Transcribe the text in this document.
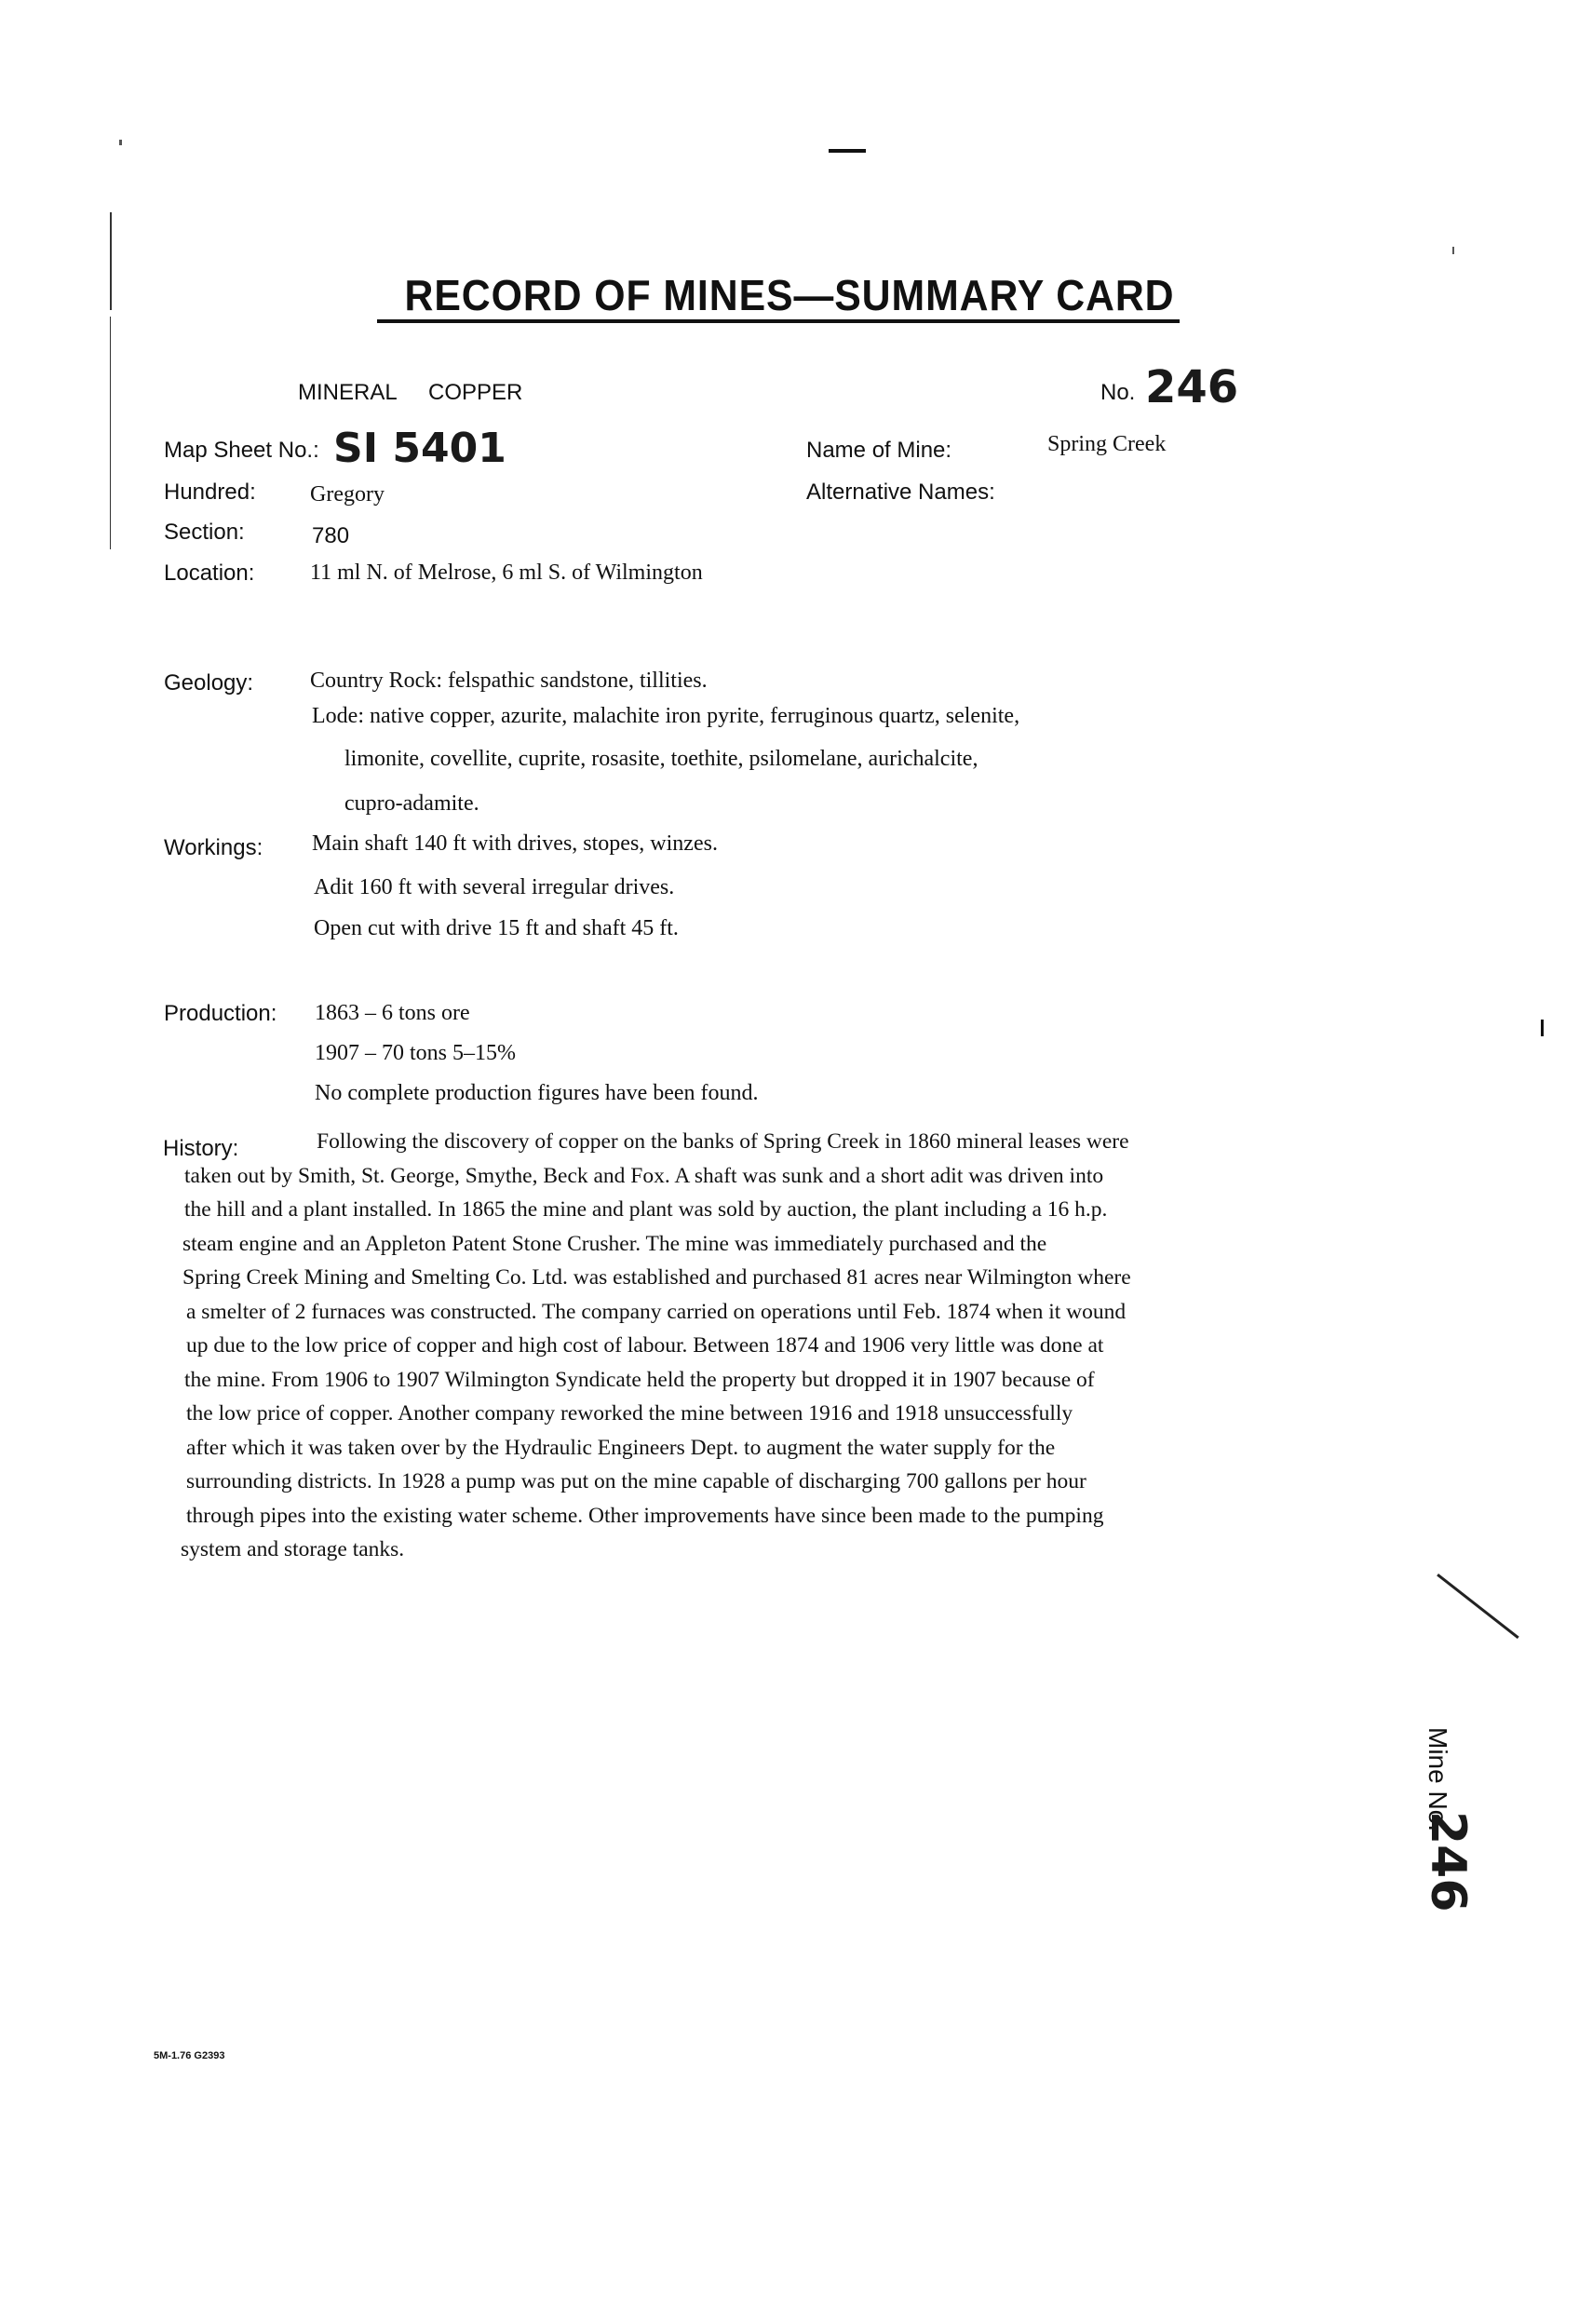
RECORD OF MINES—SUMMARY CARD
MINERAL COPPER	No. 246
Map Sheet No.: SI 5401	Name of Mine:	Spring Creek
Hundred: Gregory	Alternative Names:
Section:	780
Location: 11 ml N. of Melrose, 6 ml S. of Wilmington
Geology:	Country Rock: felspathic sandstone, tillities.
Lode: native copper, azurite, malachite iron pyrite, ferruginous quartz, selenite,
limonite, covellite, cuprite, rosasite, toethite, psilomelane, aurichalcite,
cupro-adamite.
Workings: Main shaft 140 ft with drives, stopes, winzes.
Adit 160 ft with several irregular drives.
Open cut with drive 15 ft and shaft 45 ft.
Production: 1863 – 6 tons ore
1907 – 70 tons 5–15%
No complete production figures have been found.
History:	Following the discovery of copper on the banks of Spring Creek in 1860 mineral leases were

taken out by Smith, St. George, Smythe, Beck and Fox. A shaft was sunk and a short adit was driven into

the hill and a plant installed. In 1865 the mine and plant was sold by auction, the plant including a 16 h.p.

steam engine and an Appleton Patent Stone Crusher. The mine was immediately purchased and the

Spring Creek Mining and Smelting Co. Ltd. was established and purchased 81 acres near Wilmington where

a smelter of 2 furnaces was constructed. The company carried on operations until Feb. 1874 when it wound

up due to the low price of copper and high cost of labour. Between 1874 and 1906 very little was done at

the mine. From 1906 to 1907 Wilmington Syndicate held the property but dropped it in 1907 because of

the low price of copper. Another company reworked the mine between 1916 and 1918 unsuccessfully

after which it was taken over by the Hydraulic Engineers Dept. to augment the water supply for the

surrounding districts. In 1928 a pump was put on the mine capable of discharging 700 gallons per hour

through pipes into the existing water scheme. Other improvements have since been made to the pumping

system and storage tanks.

Mine No.
246
5M-1.76 G2393
